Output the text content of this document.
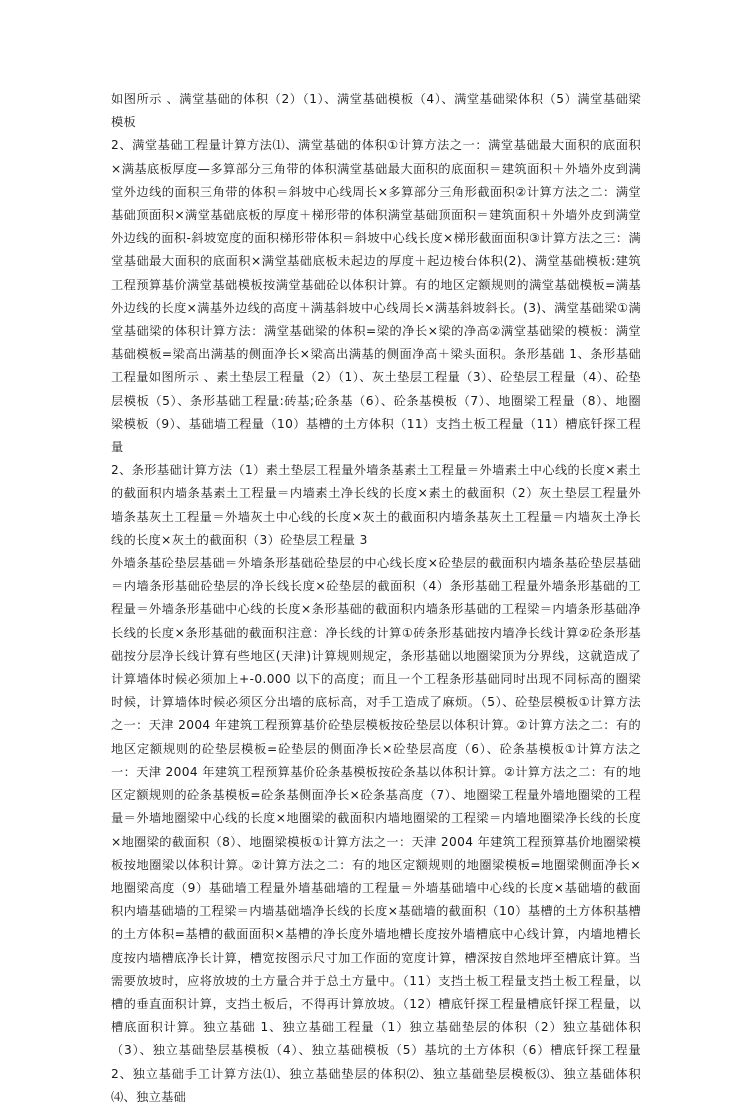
如图所示 、满堂基础的体积（2）（1）、满堂基础模板（4）、满堂基础梁体积（5）满堂基础梁模板

2、满堂基础工程量计算方法⑴、满堂基础的体积①计算方法之一：满堂基础最大面积的底面积×满基底板厚度—多算部分三角带的体积满堂基础最大面积的底面积＝建筑面积＋外墙外皮到满堂外边线的面积三角带的体积＝斜坡中心线周长×多算部分三角形截面积②计算方法之二：满堂基础顶面积×满堂基础底板的厚度＋梯形带的体积满堂基础顶面积＝建筑面积＋外墙外皮到满堂外边线的面积-斜坡宽度的面积梯形带体积＝斜坡中心线长度×梯形截面面积③计算方法之三：满堂基础最大面积的底面积×满堂基础底板未起边的厚度＋起边棱台体积(2)、满堂基础模板:建筑工程预算基价满堂基础模板按满堂基础砼以体积计算。有的地区定额规则的满堂基础模板=满基外边线的长度×满基外边线的高度＋满基斜坡中心线周长×满基斜坡斜长。(3)、满堂基础梁①满堂基础梁的体积计算方法：满堂基础梁的体积=梁的净长×梁的净高②满堂基础梁的模板：满堂基础模板=梁高出满基的侧面净长×梁高出满基的侧面净高＋梁头面积。条形基础 1、条形基础工程量如图所示 、素土垫层工程量（2）（1）、灰土垫层工程量（3）、砼垫层工程量（4）、砼垫层模板（5）、条形基础工程量:砖基;砼条基（6）、砼条基模板（7）、地圈梁工程量（8）、地圈梁模板（9）、基础墙工程量（10）基槽的土方体积（11）支挡土板工程量（11）槽底钎探工程量

2、条形基础计算方法（1）素土垫层工程量外墙条基素土工程量＝外墙素土中心线的长度×素土的截面积内墙条基素土工程量＝内墙素土净长线的长度×素土的截面积（2）灰土垫层工程量外墙条基灰土工程量＝外墙灰土中心线的长度×灰土的截面积内墙条基灰土工程量＝内墙灰土净长线的长度×灰土的截面积（3）砼垫层工程量 3

外墙条基砼垫层基础＝外墙条形基础砼垫层的中心线长度×砼垫层的截面积内墙条基砼垫层基础＝内墙条形基础砼垫层的净长线长度×砼垫层的截面积（4）条形基础工程量外墙条形基础的工程量＝外墙条形基础中心线的长度×条形基础的截面积内墙条形基础的工程梁＝内墙条形基础净长线的长度×条形基础的截面积注意：净长线的计算①砖条形基础按内墙净长线计算②砼条形基础按分层净长线计算有些地区(天津)计算规则规定，条形基础以地圈梁顶为分界线，这就造成了计算墙体时候必须加上+-0.000 以下的高度；而且一个工程条形基础同时出现不同标高的圈梁时候，计算墙体时候必须区分出墙的底标高，对手工造成了麻烦。（5）、砼垫层模板①计算方法之一：天津 2004 年建筑工程预算基价砼垫层模板按砼垫层以体积计算。②计算方法之二：有的地区定额规则的砼垫层模板=砼垫层的侧面净长×砼垫层高度（6）、砼条基模板①计算方法之一：天津 2004 年建筑工程预算基价砼条基模板按砼条基以体积计算。②计算方法之二：有的地区定额规则的砼条基模板=砼条基侧面净长×砼条基高度（7）、地圈梁工程量外墙地圈梁的工程量＝外墙地圈梁中心线的长度×地圈梁的截面积内墙地圈梁的工程梁＝内墙地圈梁净长线的长度×地圈梁的截面积（8）、地圈梁模板①计算方法之一：天津 2004 年建筑工程预算基价地圈梁模板按地圈梁以体积计算。②计算方法之二：有的地区定额规则的地圈梁模板=地圈梁侧面净长×地圈梁高度（9）基础墙工程量外墙基础墙的工程量＝外墙基础墙中心线的长度×基础墙的截面积内墙基础墙的工程梁＝内墙基础墙净长线的长度×基础墙的截面积（10）基槽的土方体积基槽的土方体积=基槽的截面面积×基槽的净长度外墙地槽长度按外墙槽底中心线计算，内墙地槽长度按内墙槽底净长计算，槽宽按图示尺寸加工作面的宽度计算，槽深按自然地坪至槽底计算。当需要放坡时，应将放坡的土方量合并于总土方量中。（11）支挡土板工程量支挡土板工程量，以槽的垂直面积计算，支挡土板后，不得再计算放坡。（12）槽底钎探工程量槽底钎探工程量，以槽底面积计算。独立基础 1、独立基础工程量（1）独立基础垫层的体积（2）独立基础体积（3）、独立基础垫层基模板（4）、独立基础模板（5）基坑的土方体积（6）槽底钎探工程量 2、独立基础手工计算方法⑴、独立基础垫层的体积⑵、独立基础垫层模板⑶、独立基础体积⑷、独立基础
